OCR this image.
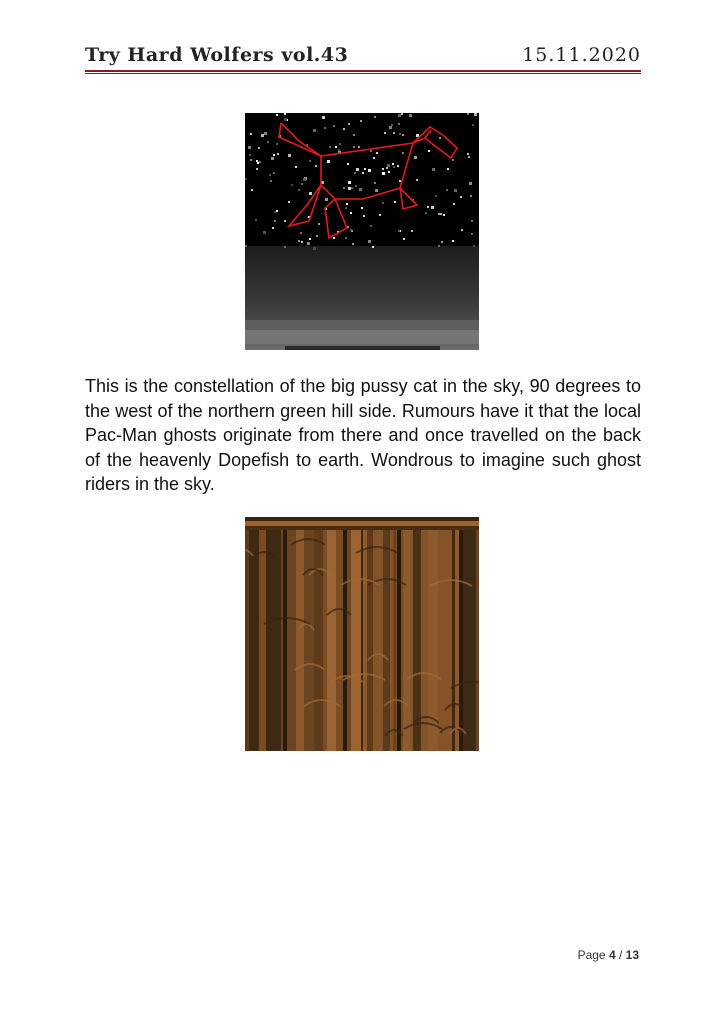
Try Hard Wolfers vol.43	15.11.2020
This is the constellation of the big pussy cat in the sky, 90 degrees to the west of the northern green hill side. Rumours have it that the local Pac-Man ghosts originate from there and once travelled on the back of the heavenly Dopefish to earth. Wondrous to imagine such ghost riders in the sky.
Page 4 / 13
